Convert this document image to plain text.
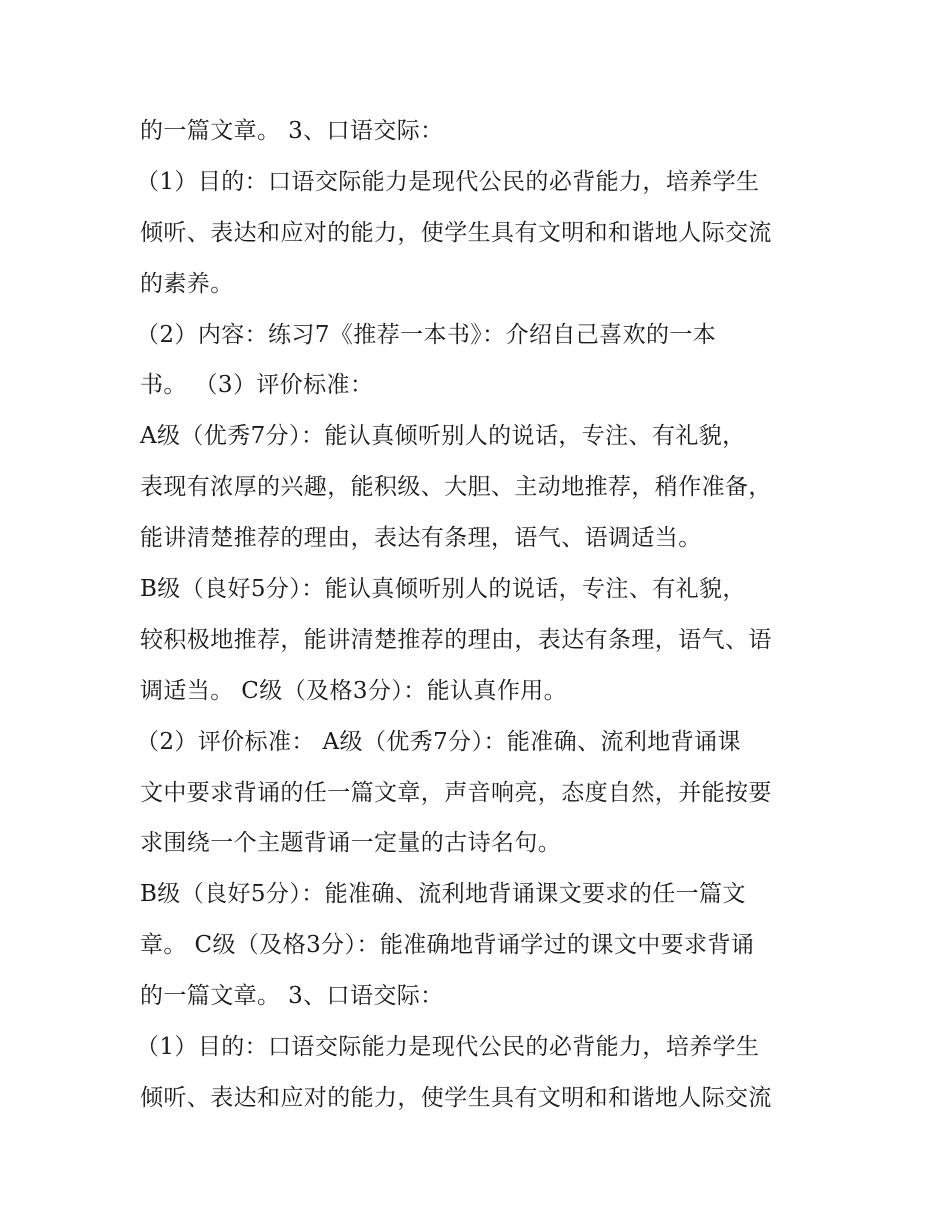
的一篇文章。 3、口语交际：
（1）目的：口语交际能力是现代公民的必背能力，培养学生
倾听、表达和应对的能力，使学生具有文明和和谐地人际交流
的素养。
（2）内容：练习7《推荐一本书》：介绍自己喜欢的一本
书。 （3）评价标准：
A级（优秀7分）：能认真倾听别人的说话，专注、有礼貌，
表现有浓厚的兴趣，能积级、大胆、主动地推荐，稍作准备，
能讲清楚推荐的理由，表达有条理，语气、语调适当。
B级（良好5分）：能认真倾听别人的说话，专注、有礼貌，
较积极地推荐，能讲清楚推荐的理由，表达有条理，语气、语
调适当。 C级（及格3分）：能认真作用。
（2）评价标准： A级（优秀7分）：能准确、流利地背诵课
文中要求背诵的任一篇文章，声音响亮，态度自然，并能按要
求围绕一个主题背诵一定量的古诗名句。
B级（良好5分）：能准确、流利地背诵课文要求的任一篇文
章。 C级（及格3分）：能准确地背诵学过的课文中要求背诵
的一篇文章。 3、口语交际：
（1）目的：口语交际能力是现代公民的必背能力，培养学生
倾听、表达和应对的能力，使学生具有文明和和谐地人际交流
